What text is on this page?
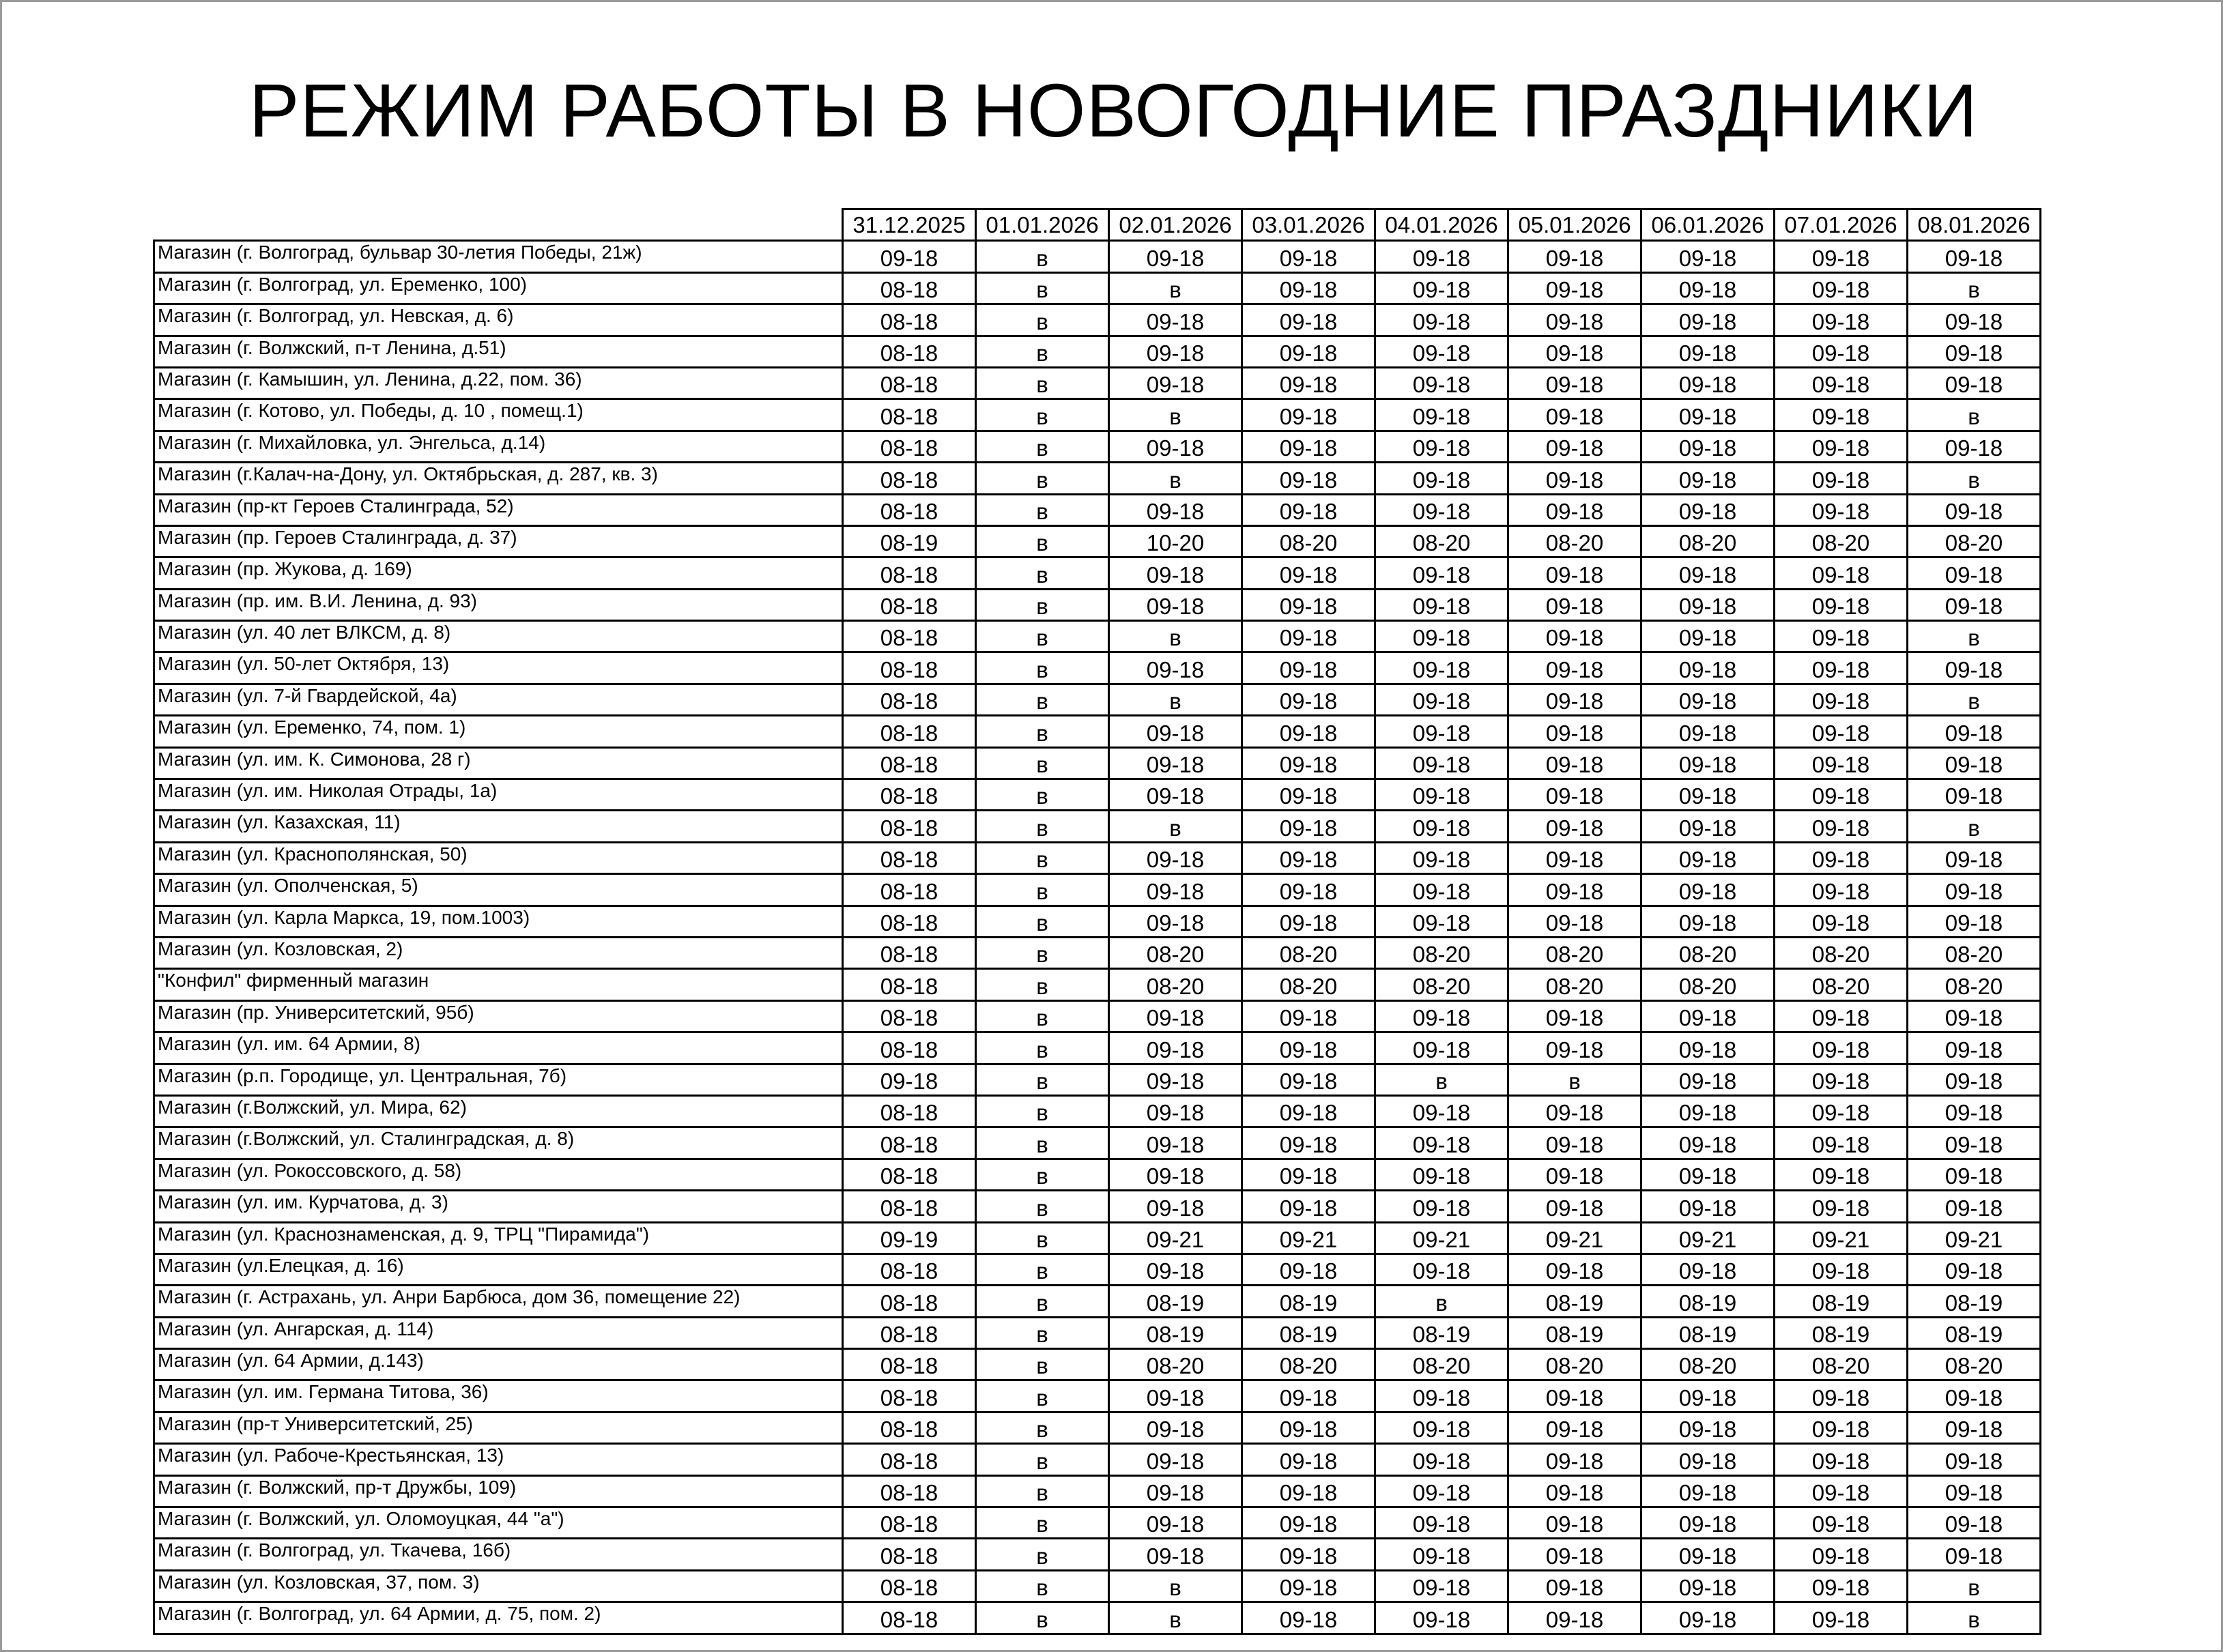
РЕЖИМ РАБОТЫ В НОВОГОДНИЕ ПРАЗДНИКИ
	31.12.2025	01.01.2026	02.01.2026	03.01.2026	04.01.2026	05.01.2026	06.01.2026	07.01.2026	08.01.2026
Магазин (г. Волгоград, бульвар 30-летия Победы, 21ж)	09-18	в	09-18	09-18	09-18	09-18	09-18	09-18	09-18
Магазин (г. Волгоград, ул. Еременко, 100)	08-18	в	в	09-18	09-18	09-18	09-18	09-18	в
Магазин (г. Волгоград, ул. Невская, д. 6)	08-18	в	09-18	09-18	09-18	09-18	09-18	09-18	09-18
Магазин (г. Волжский, п-т Ленина, д.51)	08-18	в	09-18	09-18	09-18	09-18	09-18	09-18	09-18
Магазин (г. Камышин, ул. Ленина, д.22, пом. 36)	08-18	в	09-18	09-18	09-18	09-18	09-18	09-18	09-18
Магазин (г. Котово, ул. Победы, д. 10 , помещ.1)	08-18	в	в	09-18	09-18	09-18	09-18	09-18	в
Магазин (г. Михайловка, ул. Энгельса, д.14)	08-18	в	09-18	09-18	09-18	09-18	09-18	09-18	09-18
Магазин (г.Калач-на-Дону, ул. Октябрьская, д. 287, кв. 3)	08-18	в	в	09-18	09-18	09-18	09-18	09-18	в
Магазин (пр-кт Героев Сталинграда, 52)	08-18	в	09-18	09-18	09-18	09-18	09-18	09-18	09-18
Магазин (пр. Героев Сталинграда, д. 37)	08-19	в	10-20	08-20	08-20	08-20	08-20	08-20	08-20
Магазин (пр. Жукова, д. 169)	08-18	в	09-18	09-18	09-18	09-18	09-18	09-18	09-18
Магазин (пр. им. В.И. Ленина, д. 93)	08-18	в	09-18	09-18	09-18	09-18	09-18	09-18	09-18
Магазин (ул. 40 лет ВЛКСМ, д. 8)	08-18	в	в	09-18	09-18	09-18	09-18	09-18	в
Магазин (ул. 50-лет Октября, 13)	08-18	в	09-18	09-18	09-18	09-18	09-18	09-18	09-18
Магазин (ул. 7-й Гвардейской, 4а)	08-18	в	в	09-18	09-18	09-18	09-18	09-18	в
Магазин (ул. Еременко, 74, пом. 1)	08-18	в	09-18	09-18	09-18	09-18	09-18	09-18	09-18
Магазин (ул. им. К. Симонова, 28 г)	08-18	в	09-18	09-18	09-18	09-18	09-18	09-18	09-18
Магазин (ул. им. Николая Отрады, 1а)	08-18	в	09-18	09-18	09-18	09-18	09-18	09-18	09-18
Магазин (ул. Казахская, 11)	08-18	в	в	09-18	09-18	09-18	09-18	09-18	в
Магазин (ул. Краснополянская, 50)	08-18	в	09-18	09-18	09-18	09-18	09-18	09-18	09-18
Магазин (ул. Ополченская, 5)	08-18	в	09-18	09-18	09-18	09-18	09-18	09-18	09-18
Магазин (ул. Карла Маркса, 19, пом.1003)	08-18	в	09-18	09-18	09-18	09-18	09-18	09-18	09-18
Магазин (ул. Козловская, 2)	08-18	в	08-20	08-20	08-20	08-20	08-20	08-20	08-20
"Конфил" фирменный магазин	08-18	в	08-20	08-20	08-20	08-20	08-20	08-20	08-20
Магазин (пр. Университетский, 95б)	08-18	в	09-18	09-18	09-18	09-18	09-18	09-18	09-18
Магазин (ул. им. 64 Армии, 8)	08-18	в	09-18	09-18	09-18	09-18	09-18	09-18	09-18
Магазин (р.п. Городище, ул. Центральная, 7б)	09-18	в	09-18	09-18	в	в	09-18	09-18	09-18
Магазин (г.Волжский, ул. Мира, 62)	08-18	в	09-18	09-18	09-18	09-18	09-18	09-18	09-18
Магазин (г.Волжский, ул. Сталинградская, д. 8)	08-18	в	09-18	09-18	09-18	09-18	09-18	09-18	09-18
Магазин (ул. Рокоссовского, д. 58)	08-18	в	09-18	09-18	09-18	09-18	09-18	09-18	09-18
Магазин (ул. им. Курчатова, д. 3)	08-18	в	09-18	09-18	09-18	09-18	09-18	09-18	09-18
Магазин (ул. Краснознаменская, д. 9, ТРЦ "Пирамида")	09-19	в	09-21	09-21	09-21	09-21	09-21	09-21	09-21
Магазин (ул.Елецкая, д. 16)	08-18	в	09-18	09-18	09-18	09-18	09-18	09-18	09-18
Магазин (г. Астрахань, ул. Анри Барбюса, дом 36, помещение 22)	08-18	в	08-19	08-19	в	08-19	08-19	08-19	08-19
Магазин (ул. Ангарская, д. 114)	08-18	в	08-19	08-19	08-19	08-19	08-19	08-19	08-19
Магазин (ул. 64 Армии, д.143)	08-18	в	08-20	08-20	08-20	08-20	08-20	08-20	08-20
Магазин (ул. им. Германа Титова, 36)	08-18	в	09-18	09-18	09-18	09-18	09-18	09-18	09-18
Магазин (пр-т Университетский, 25)	08-18	в	09-18	09-18	09-18	09-18	09-18	09-18	09-18
Магазин (ул. Рабоче-Крестьянская, 13)	08-18	в	09-18	09-18	09-18	09-18	09-18	09-18	09-18
Магазин (г. Волжский, пр-т Дружбы, 109)	08-18	в	09-18	09-18	09-18	09-18	09-18	09-18	09-18
Магазин (г. Волжский, ул. Оломоуцкая, 44 "а")	08-18	в	09-18	09-18	09-18	09-18	09-18	09-18	09-18
Магазин (г. Волгоград, ул. Ткачева, 16б)	08-18	в	09-18	09-18	09-18	09-18	09-18	09-18	09-18
Магазин (ул. Козловская, 37, пом. 3)	08-18	в	в	09-18	09-18	09-18	09-18	09-18	в
Магазин (г. Волгоград, ул. 64 Армии, д. 75, пом. 2)	08-18	в	в	09-18	09-18	09-18	09-18	09-18	в
